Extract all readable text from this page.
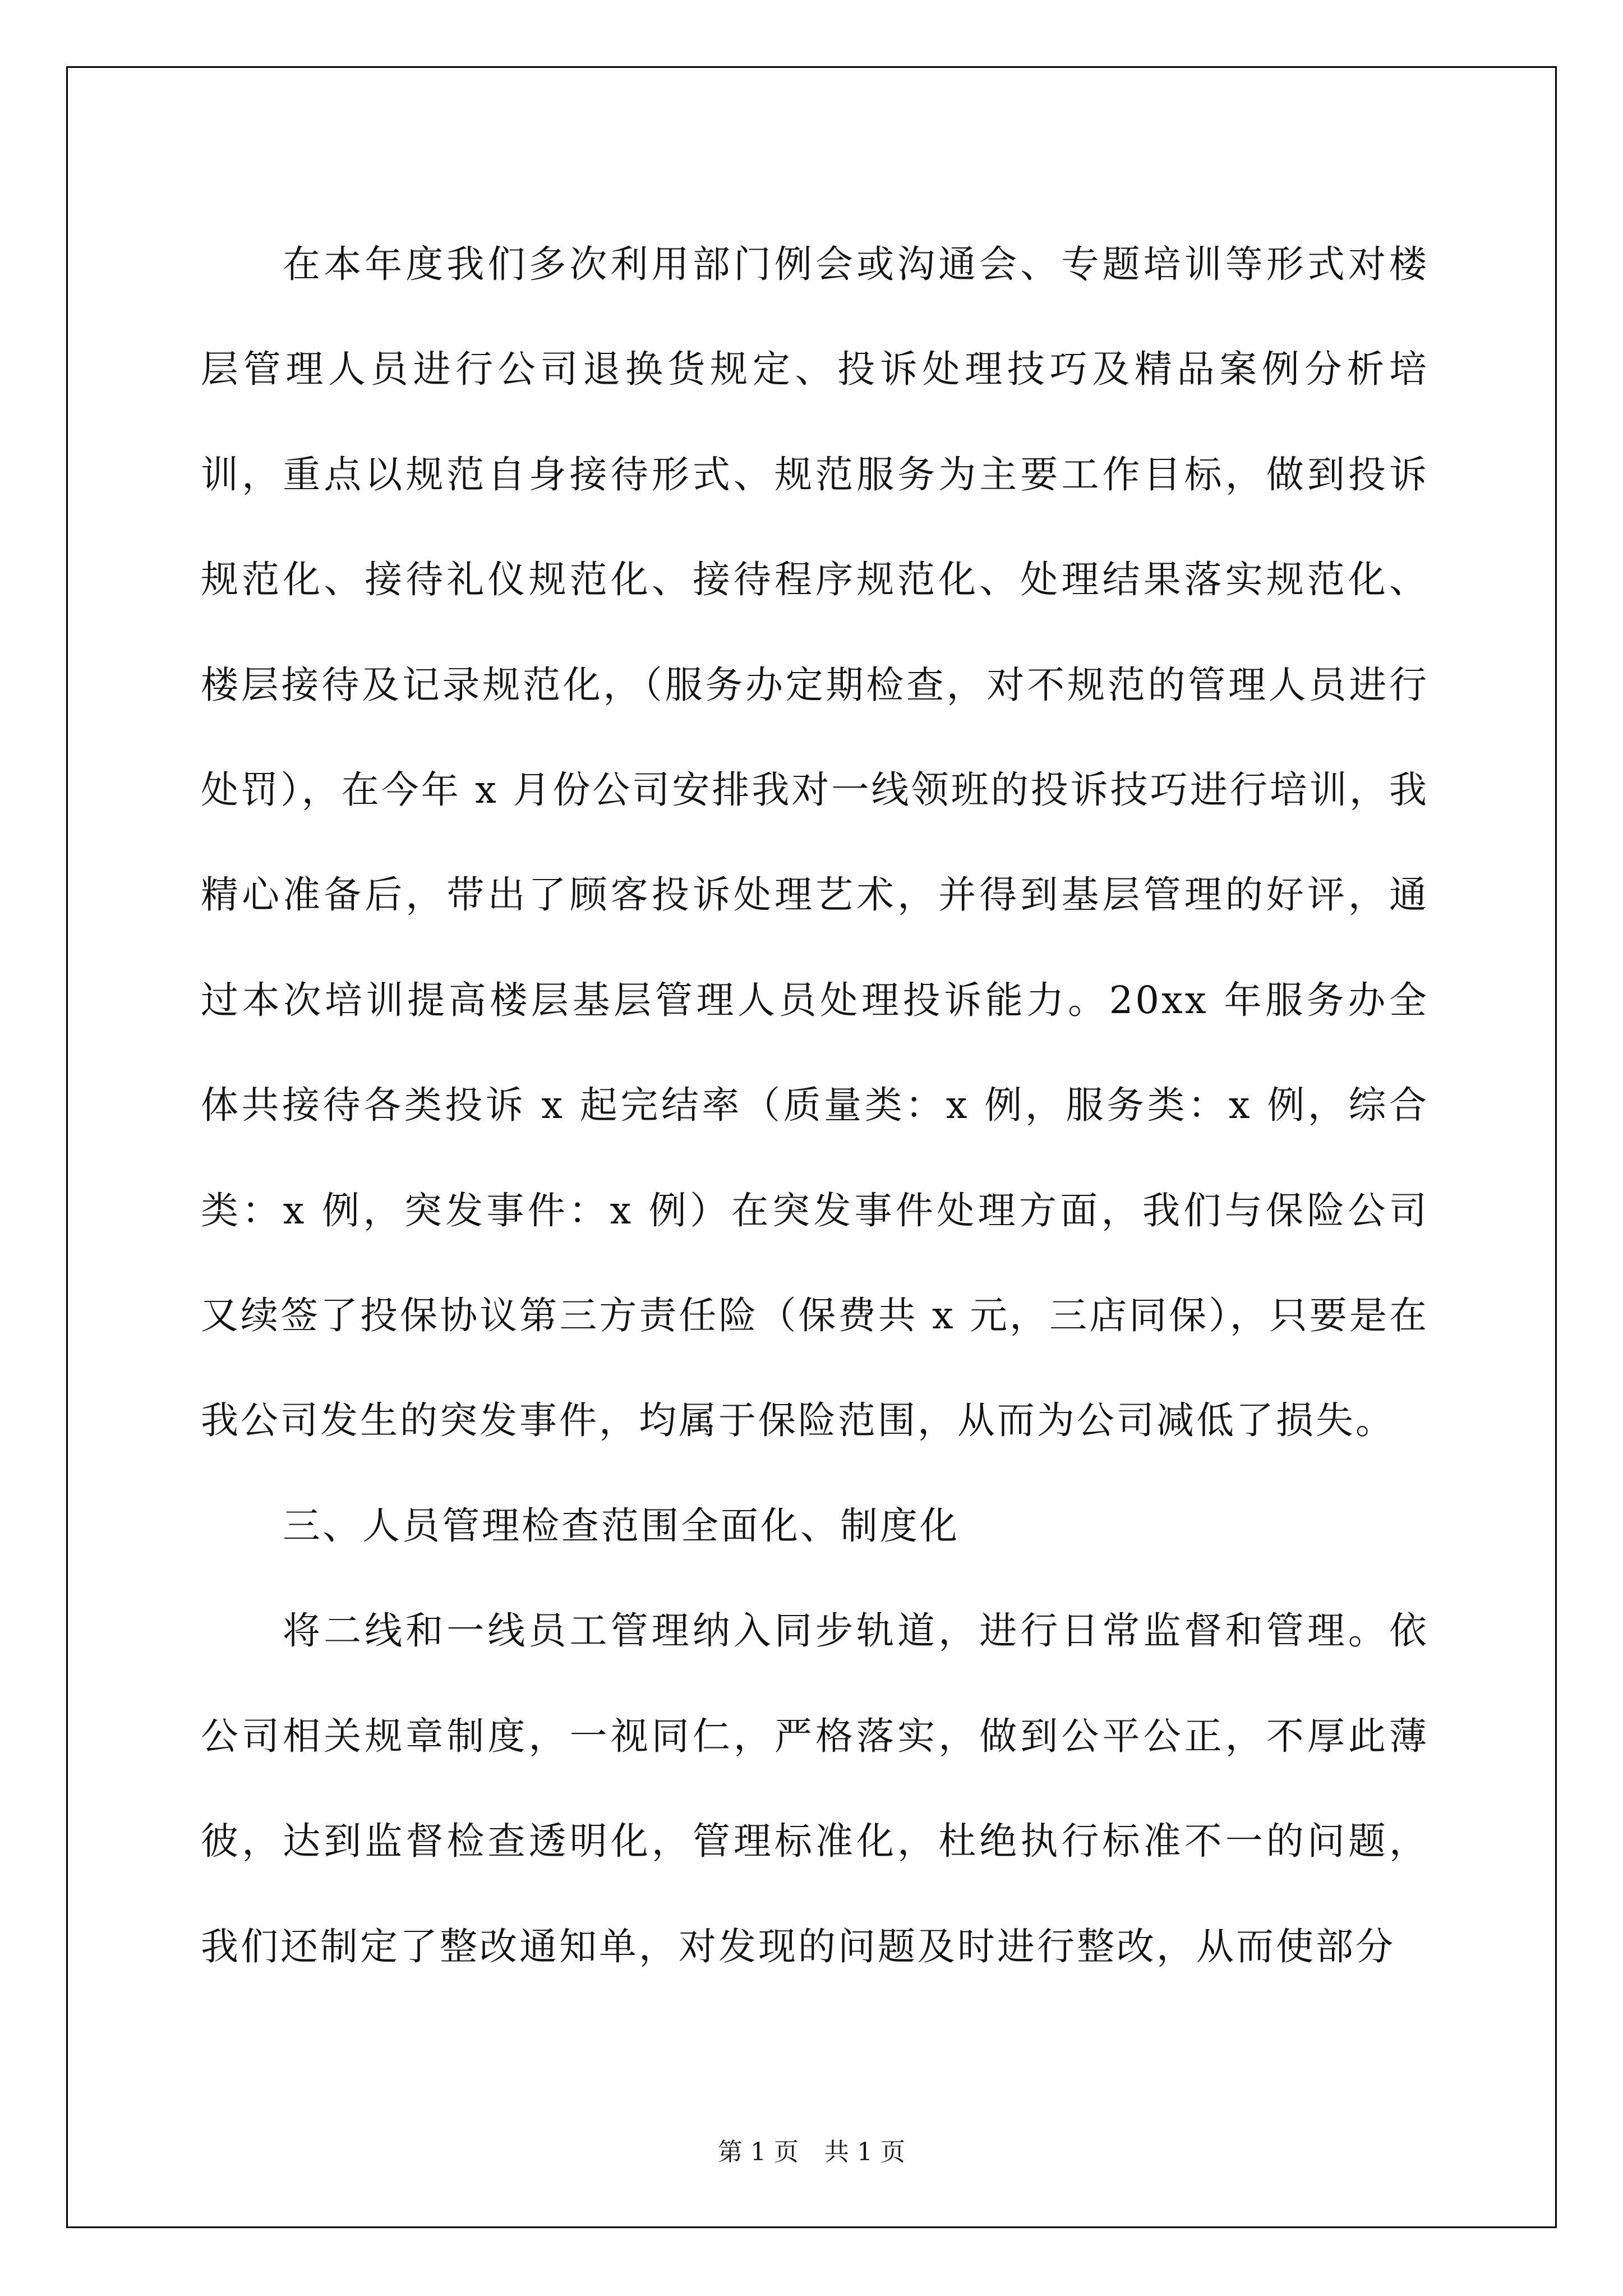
在本年度我们多次利用部门例会或沟通会、专题培训等形式对楼层管理人员进行公司退换货规定、投诉处理技巧及精品案例分析培训，重点以规范自身接待形式、规范服务为主要工作目标，做到投诉规范化、接待礼仪规范化、接待程序规范化、处理结果落实规范化、楼层接待及记录规范化，（服务办定期检查，对不规范的管理人员进行处罚），在今年 x 月份公司安排我对一线领班的投诉技巧进行培训，我精心准备后，带出了顾客投诉处理艺术，并得到基层管理的好评，通过本次培训提高楼层基层管理人员处理投诉能力。20xx 年服务办全体共接待各类投诉 x 起完结率（质量类：x 例，服务类：x 例，综合类：x 例，突发事件：x 例）在突发事件处理方面，我们与保险公司又续签了投保协议第三方责任险（保费共 x 元，三店同保），只要是在我公司发生的突发事件，均属于保险范围，从而为公司减低了损失。

三、人员管理检查范围全面化、制度化

将二线和一线员工管理纳入同步轨道，进行日常监督和管理。依公司相关规章制度，一视同仁，严格落实，做到公平公正，不厚此薄彼，达到监督检查透明化，管理标准化，杜绝执行标准不一的问题，我们还制定了整改通知单，对发现的问题及时进行整改，从而使部分

第 1 页 共 1 页
